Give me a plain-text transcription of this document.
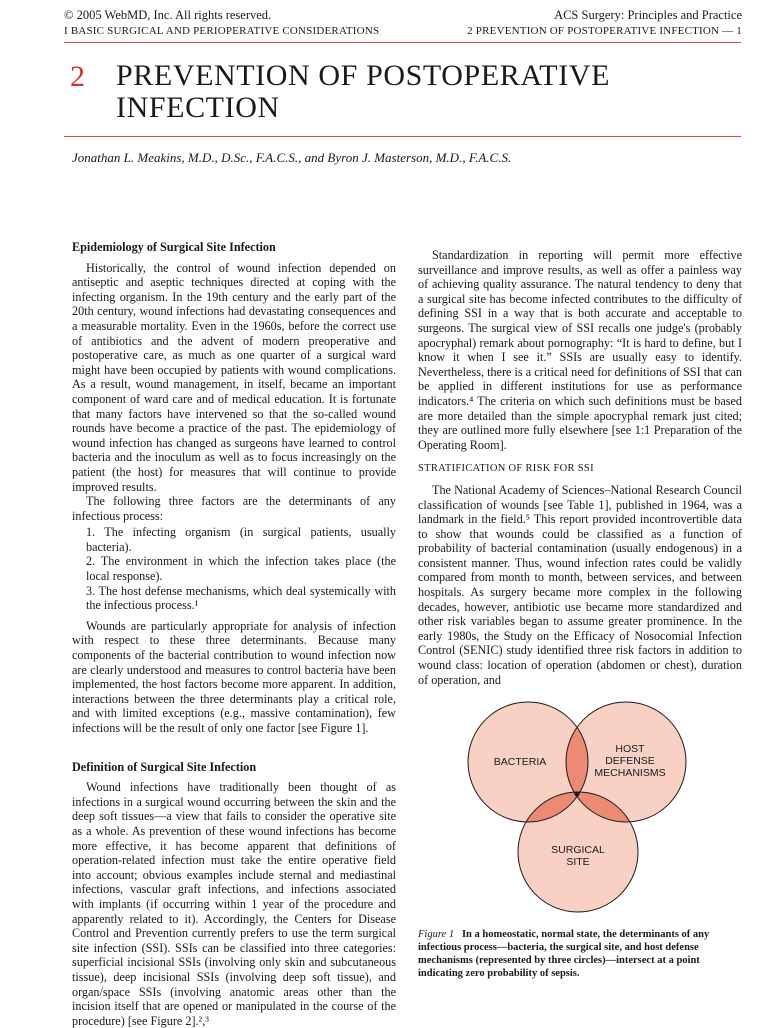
© 2005 WebMD, Inc. All rights reserved.
I BASIC SURGICAL AND PERIOPERATIVE CONSIDERATIONS
ACS Surgery: Principles and Practice
2 PREVENTION OF POSTOPERATIVE INFECTION — 1
2 PREVENTION OF POSTOPERATIVE INFECTION
Jonathan L. Meakins, M.D., D.Sc., F.A.C.S., and Byron J. Masterson, M.D., F.A.C.S.
Epidemiology of Surgical Site Infection

Historically, the control of wound infection depended on antiseptic and aseptic techniques directed at coping with the infecting organism. In the 19th century and the early part of the 20th century, wound infections had devastating consequences and a measurable mortality. Even in the 1960s, before the correct use of antibiotics and the advent of modern preoperative and postoperative care, as much as one quarter of a surgical ward might have been occupied by patients with wound complications. As a result, wound management, in itself, became an important component of ward care and of medical education. It is fortunate that many factors have intervened so that the so-called wound rounds have become a practice of the past. The epidemiology of wound infection has changed as surgeons have learned to control bacteria and the inoculum as well as to focus increasingly on the patient (the host) for measures that will continue to provide improved results.

The following three factors are the determinants of any infectious process:

1. The infecting organism (in surgical patients, usually bacteria).
2. The environment in which the infection takes place (the local response).
3. The host defense mechanisms, which deal systemically with the infectious process.¹

Wounds are particularly appropriate for analysis of infection with respect to these three determinants. Because many components of the bacterial contribution to wound infection now are clearly understood and measures to control bacteria have been implemented, the host factors become more apparent. In addition, interactions between the three determinants play a critical role, and with limited exceptions (e.g., massive contamination), few infections will be the result of only one factor [see Figure 1].

Definition of Surgical Site Infection

Wound infections have traditionally been thought of as infections in a surgical wound occurring between the skin and the deep soft tissues—a view that fails to consider the operative site as a whole. As prevention of these wound infections has become more effective, it has become apparent that definitions of operation-related infection must take the entire operative field into account; obvious examples include sternal and mediastinal infections, vascular graft infections, and infections associated with implants (if occurring within 1 year of the procedure and apparently related to it). Accordingly, the Centers for Disease Control and Prevention currently prefers to use the term surgical site infection (SSI). SSIs can be classified into three categories: superficial incisional SSIs (involving only skin and subcutaneous tissue), deep incisional SSIs (involving deep soft tissue), and organ/space SSIs (involving anatomic areas other than the incision itself that are opened or manipulated in the course of the procedure) [see Figure 2].²,³

Standardization in reporting will permit more effective surveillance and improve results, as well as offer a painless way of achieving quality assurance. The natural tendency to deny that a surgical site has become infected contributes to the difficulty of defining SSI in a way that is both accurate and acceptable to surgeons. The surgical view of SSI recalls one judge's (probably apocryphal) remark about pornography: “It is hard to define, but I know it when I see it.” SSIs are usually easy to identify. Nevertheless, there is a critical need for definitions of SSI that can be applied in different institutions for use as performance indicators.⁴ The criteria on which such definitions must be based are more detailed than the simple apocryphal remark just cited; they are outlined more fully elsewhere [see 1:1 Preparation of the Operating Room].

STRATIFICATION OF RISK FOR SSI

The National Academy of Sciences–National Research Council classification of wounds [see Table 1], published in 1964, was a landmark in the field.⁵ This report provided incontrovertible data to show that wounds could be classified as a function of probability of bacterial contamination (usually endogenous) in a consistent manner. Thus, wound infection rates could be validly compared from month to month, between services, and between hospitals. As surgery became more complex in the following decades, however, antibiotic use became more standardized and other risk variables began to assume greater prominence. In the early 1980s, the Study on the Efficacy of Nosocomial Infection Control (SENIC) study identified three risk factors in addition to wound class: location of operation (abdomen or chest), duration of operation, and

BACTERIA
HOST
DEFENSE
MECHANISMS
SURGICAL
SITE
Figure 1 In a homeostatic, normal state, the determinants of any infectious process—bacteria, the surgical site, and host defense mechanisms (represented by three circles)—intersect at a point indicating zero probability of sepsis.
